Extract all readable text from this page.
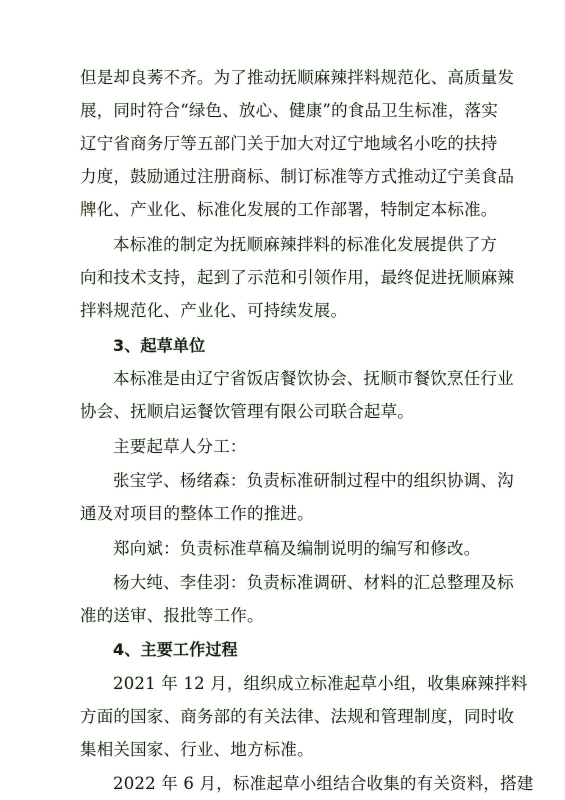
但是却良莠不齐。为了推动抚顺麻辣拌料规范化、高质量发
展，同时符合“绿色、放心、健康”的食品卫生标准，落实
辽宁省商务厅等五部门关于加大对辽宁地域名小吃的扶持
力度，鼓励通过注册商标、制订标准等方式推动辽宁美食品
牌化、产业化、标准化发展的工作部署，特制定本标准。
本标准的制定为抚顺麻辣拌料的标准化发展提供了方
向和技术支持，起到了示范和引领作用，最终促进抚顺麻辣
拌料规范化、产业化、可持续发展。
3、起草单位
本标准是由辽宁省饭店餐饮协会、抚顺市餐饮烹任行业
协会、抚顺启运餐饮管理有限公司联合起草。
主要起草人分工：
张宝学、杨绪森：负责标准研制过程中的组织协调、沟
通及对项目的整体工作的推进。
郑向斌：负责标准草稿及编制说明的编写和修改。
杨大纯、李佳羽：负责标准调研、材料的汇总整理及标
准的送审、报批等工作。
4、主要工作过程
2021 年 12 月，组织成立标准起草小组，收集麻辣拌料
方面的国家、商务部的有关法律、法规和管理制度，同时收
集相关国家、行业、地方标准。
2022 年 6 月，标准起草小组结合收集的有关资料，搭建
